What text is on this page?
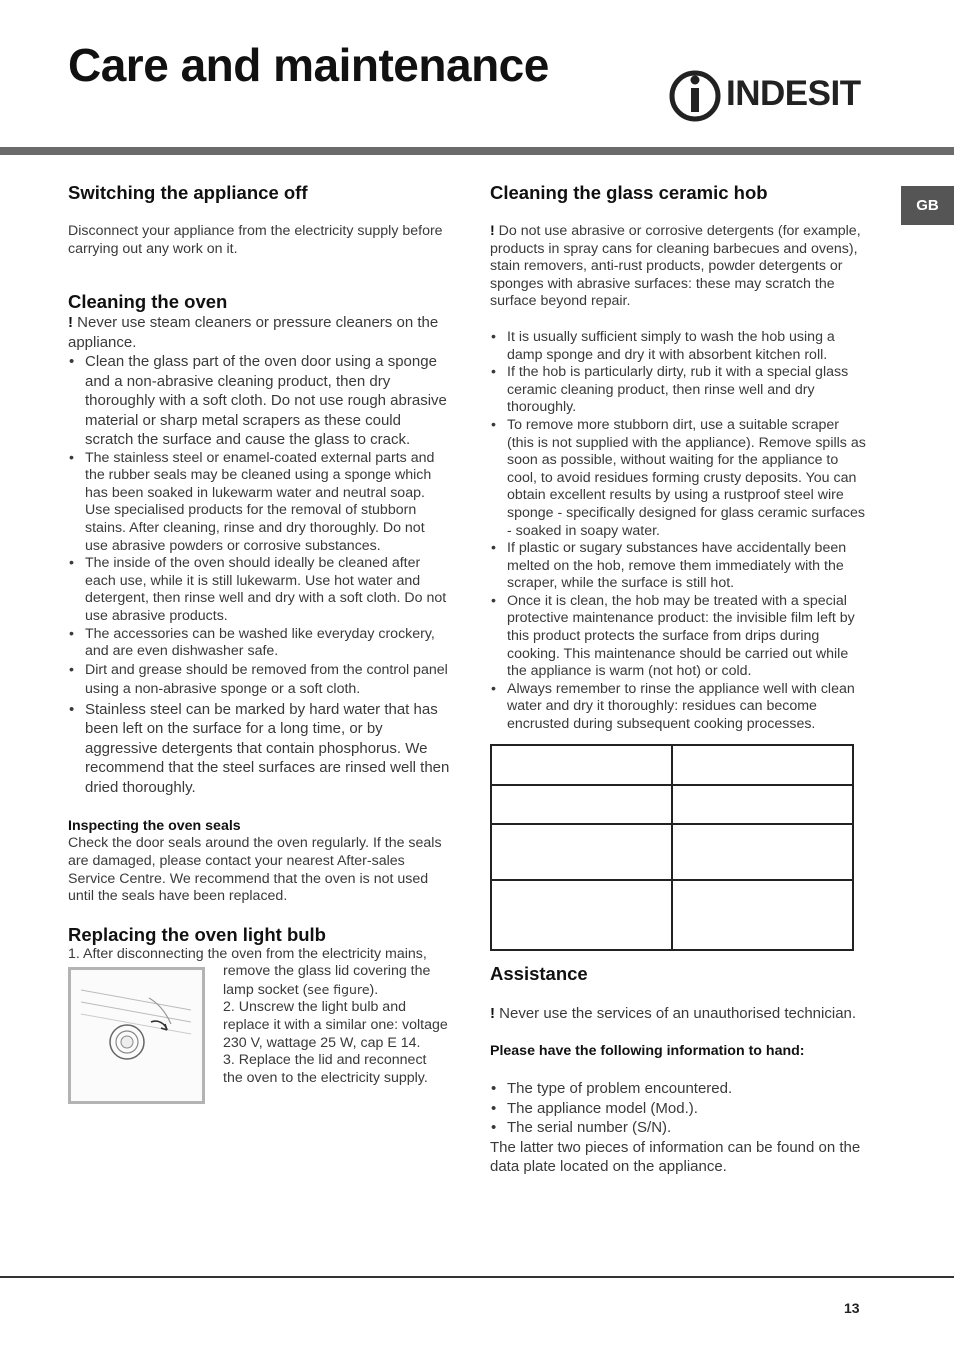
Care and maintenance
INDESIT
GB
Switching the appliance off

Disconnect your appliance from the electricity supply before carrying out any work on it.

Cleaning the oven

! Never use steam cleaners or pressure cleaners on the appliance.

• Clean the glass part of the oven door using a sponge and a non-abrasive cleaning product, then dry thoroughly with a soft cloth. Do not use rough abrasive material or sharp metal scrapers as these could scratch the surface and cause the glass to crack.
• The stainless steel or enamel-coated external parts and the rubber seals may be cleaned using a sponge which has been soaked in lukewarm water and neutral soap. Use specialised products for the removal of stubborn stains. After cleaning, rinse and dry thoroughly. Do not use abrasive powders or corrosive substances.
• The inside of the oven should ideally be cleaned after each use, while it is still lukewarm. Use hot water and detergent, then rinse well and dry with a soft cloth. Do not use abrasive products.
• The accessories can be washed like everyday crockery, and are even dishwasher safe.
• Dirt and grease should be removed from the control panel using a non-abrasive sponge or a soft cloth.
• Stainless steel can be marked by hard water that has been left on the surface for a long time, or by aggressive detergents that contain phosphorus. We recommend that the steel surfaces are rinsed well then dried thoroughly.
Inspecting the oven seals

Check the door seals around the oven regularly. If the seals are damaged, please contact your nearest After-sales Service Centre. We recommend that the oven is not used until the seals have been replaced.

Replacing the oven light bulb

1. After disconnecting the oven from the electricity mains,

remove the glass lid covering the lamp socket (see figure).

2. Unscrew the light bulb and replace it with a similar one: voltage 230 V, wattage 25 W, cap E 14.

3. Replace the lid and reconnect the oven to the electricity supply.

Cleaning the glass ceramic hob

! Do not use abrasive or corrosive detergents (for example, products in spray cans for cleaning barbecues and ovens), stain removers, anti-rust products, powder detergents or sponges with abrasive surfaces: these may scratch the surface beyond repair.

• It is usually sufficient simply to wash the hob using a damp sponge and dry it with absorbent kitchen roll.
• If the hob is particularly dirty, rub it with a special glass ceramic cleaning product, then rinse well and dry thoroughly.
• To remove more stubborn dirt, use a suitable scraper (this is not supplied with the appliance). Remove spills as soon as possible, without waiting for the appliance to cool, to avoid residues forming crusty deposits. You can obtain excellent results by using a rustproof steel wire sponge - specifically designed for glass ceramic surfaces - soaked in soapy water.
• If plastic or sugary substances have accidentally been melted on the hob, remove them immediately with the scraper, while the surface is still hot.
• Once it is clean, the hob may be treated with a special protective maintenance product: the invisible film left by this product protects the surface from drips during cooking. This maintenance should be carried out while the appliance is warm (not hot) or cold.
• Always remember to rinse the appliance well with clean water and dry it thoroughly: residues can become encrusted during subsequent cooking processes.

Assistance

! Never use the services of an unauthorised technician.

Please have the following information to hand:
• The type of problem encountered.
• The appliance model (Mod.).
• The serial number (S/N).

The latter two pieces of information can be found on the data plate located on the appliance.

13
